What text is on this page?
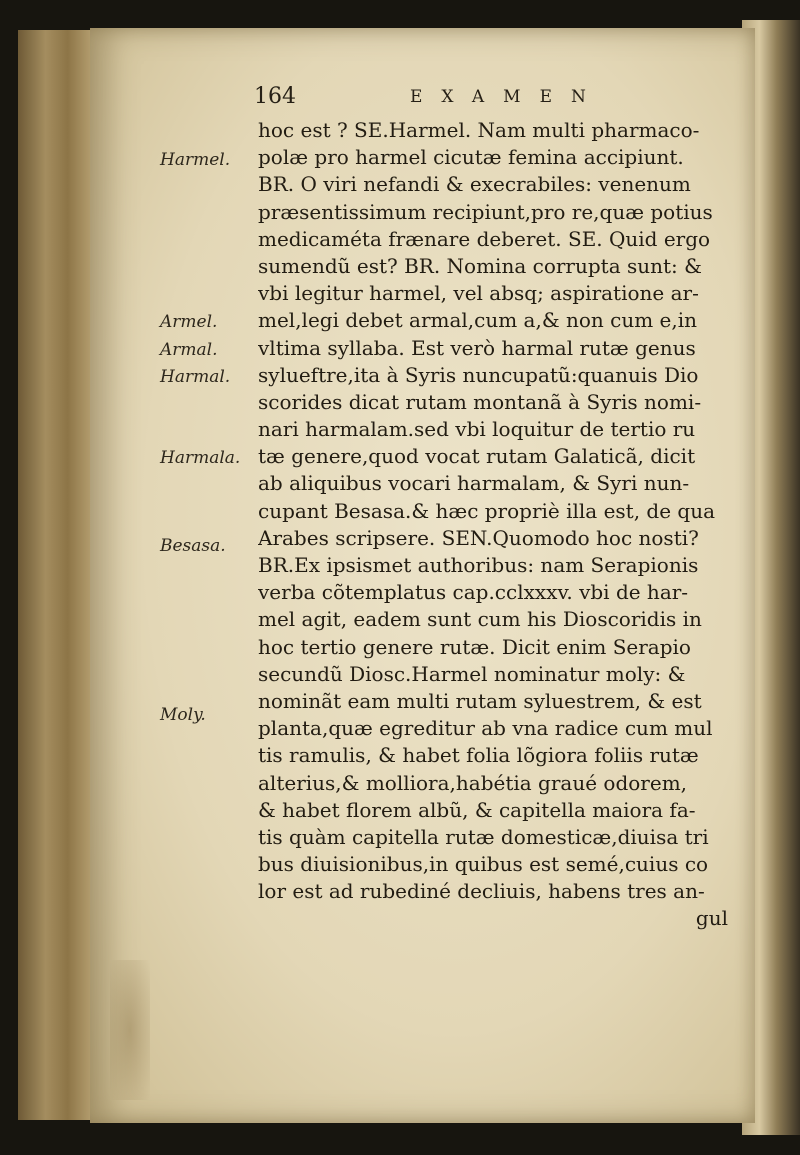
164	EXAMEN
Harmel.
Armel.
Armal.
Harmal.
Harmala.
Besasa.
Moly.
hoc est ? SE.Harmel. Nam multi pharmaco-
polæ pro harmel cicutæ femina accipiunt.
BR. O viri nefandi & execrabiles: venenum
præsentissimum recipiunt,pro re,quæ potius
medicaméta frænare deberet. SE. Quid ergo
sumendũ est? BR. Nomina corrupta sunt: &
vbi legitur harmel, vel absq; aspiratione ar-
mel,legi debet armal,cum a,& non cum e,in
vltima syllaba. Est verò harmal rutæ genus
sylueftre,ita à Syris nuncupatũ:quanuis Dio
scorides dicat rutam montanã à Syris nomi-
nari harmalam.sed vbi loquitur de tertio ru
tæ genere,quod vocat rutam Galaticã, dicit
ab aliquibus vocari harmalam, & Syri nun-
cupant Besasa.& hæc propriè illa est, de qua
Arabes scripsere. SEN.Quomodo hoc nosti?
BR.Ex ipsismet authoribus: nam Serapionis
verba cõtemplatus cap.cclxxxv. vbi de har-
mel agit, eadem sunt cum his Dioscoridis in
hoc tertio genere rutæ. Dicit enim Serapio
secundũ Diosc.Harmel nominatur moly: &
nominãt eam multi rutam syluestrem, & est
planta,quæ egreditur ab vna radice cum mul
tis ramulis, & habet folia lõgiora foliis rutæ
alterius,& molliora,habétia graué odorem,
& habet florem albũ, & capitella maiora fa-
tis quàm capitella rutæ domesticæ,diuisa tri
bus diuisionibus,in quibus est semé,cuius co
lor est ad rubediné decliuis, habens tres an-
gul
